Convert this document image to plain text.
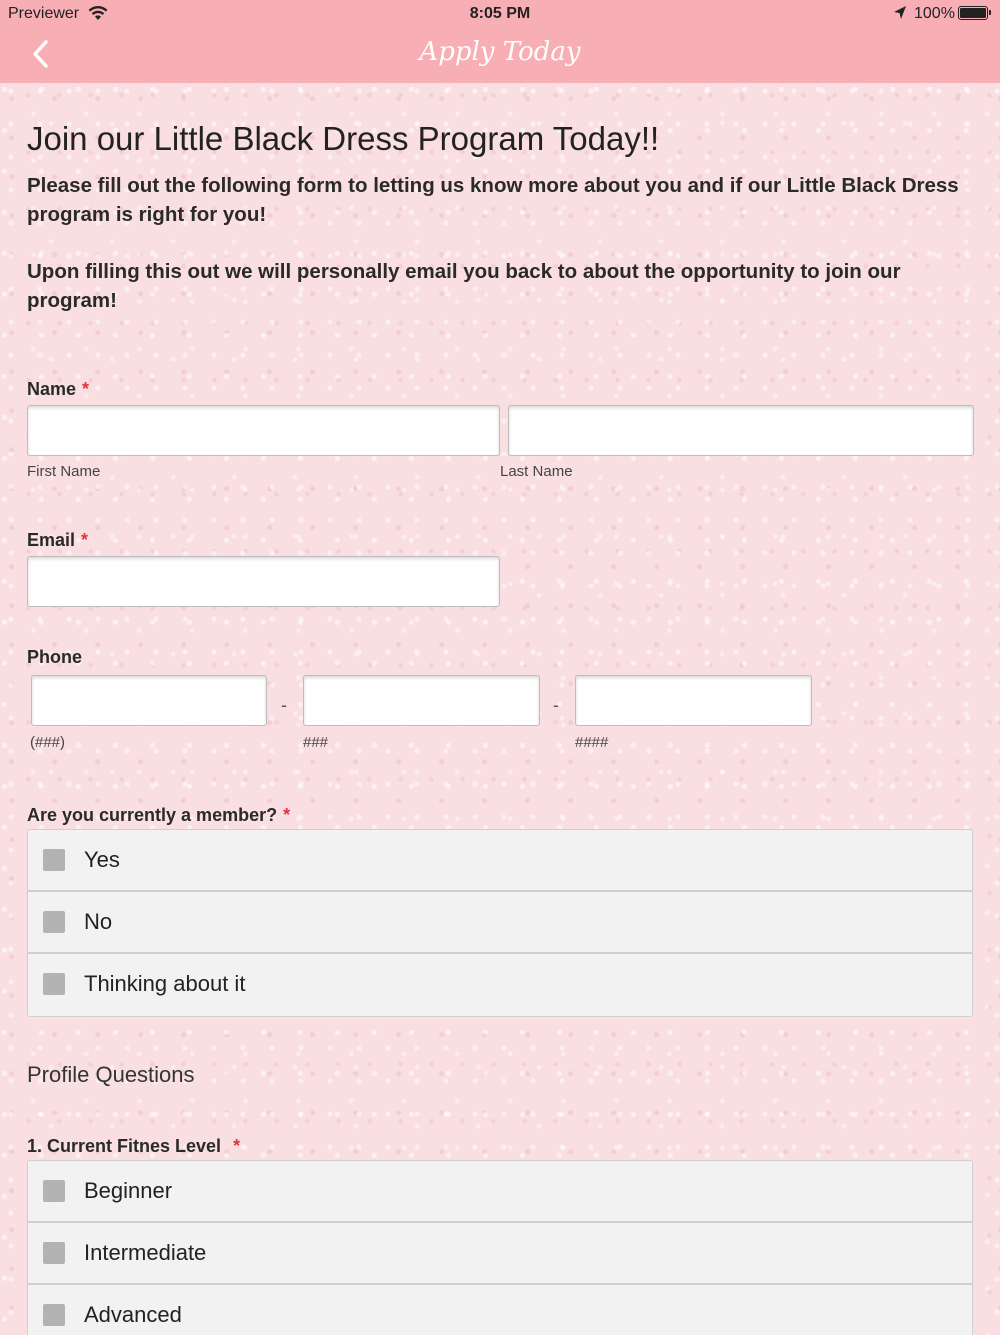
Previewer	8:05 PM	100%
Apply Today
Join our Little Black Dress Program Today!!

Please fill out the following form to letting us know more about you and if our Little Black Dress program is right for you!

Upon filling this out we will personally email you back to about the opportunity to join our program!

Name *
First Name	Last Name
Email *
Phone
-	-
(###)	###	####
Are you currently a member? *
Yes
No
Thinking about it
Profile Questions
1. Current Fitnes Level *
Beginner
Intermediate
Advanced
